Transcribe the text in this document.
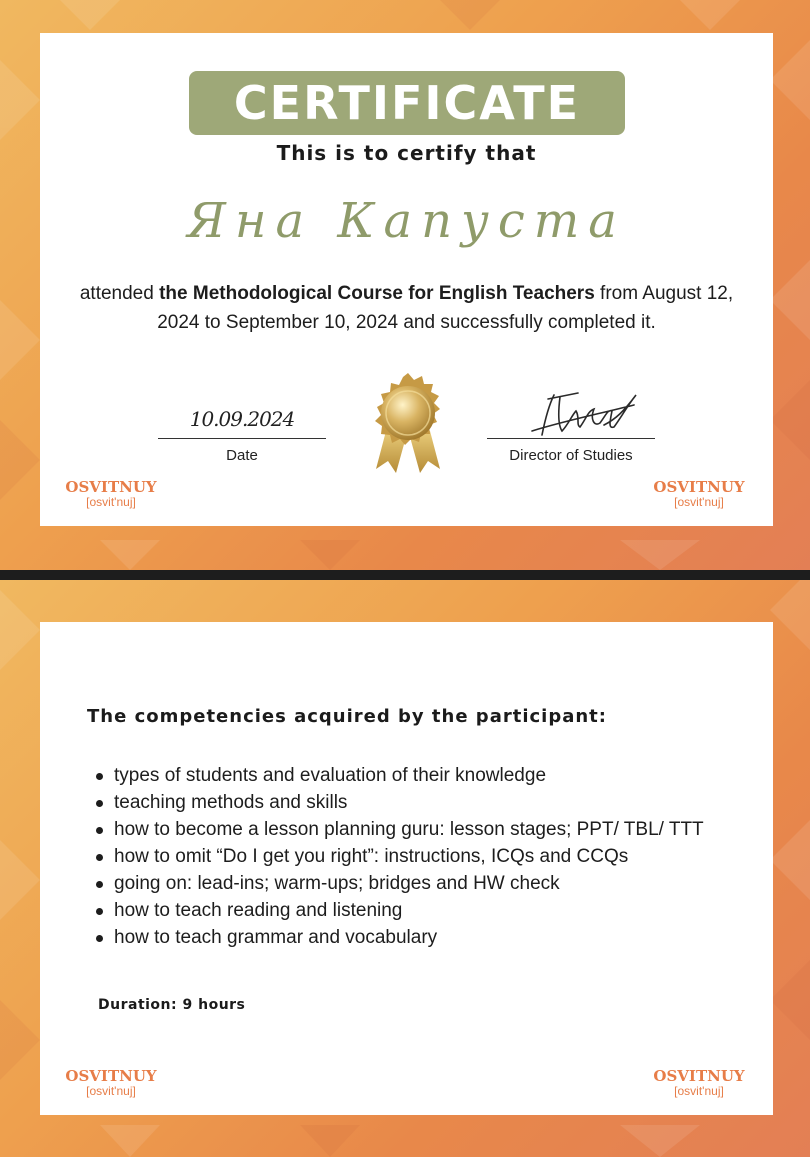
CERTIFICATE
This is to certify that
Яна Капуста
attended the Methodological Course for English Teachers from August 12, 2024 to September 10, 2024 and successfully completed it.
10.09.2024
Date	Director of Studies
OSVITNUY
[osvit'nuj]
OSVITNUY
[osvit'nuj]
The competencies acquired by the participant:
types of students and evaluation of their knowledge
teaching methods and skills
how to become a lesson planning guru: lesson stages; PPT/ TBL/ TTT
how to omit “Do I get you right”: instructions, ICQs and CCQs
going on: lead-ins; warm-ups; bridges and HW check
how to teach reading and listening
how to teach grammar and vocabulary
Duration: 9 hours
OSVITNUY
[osvit'nuj]
OSVITNUY
[osvit'nuj]
